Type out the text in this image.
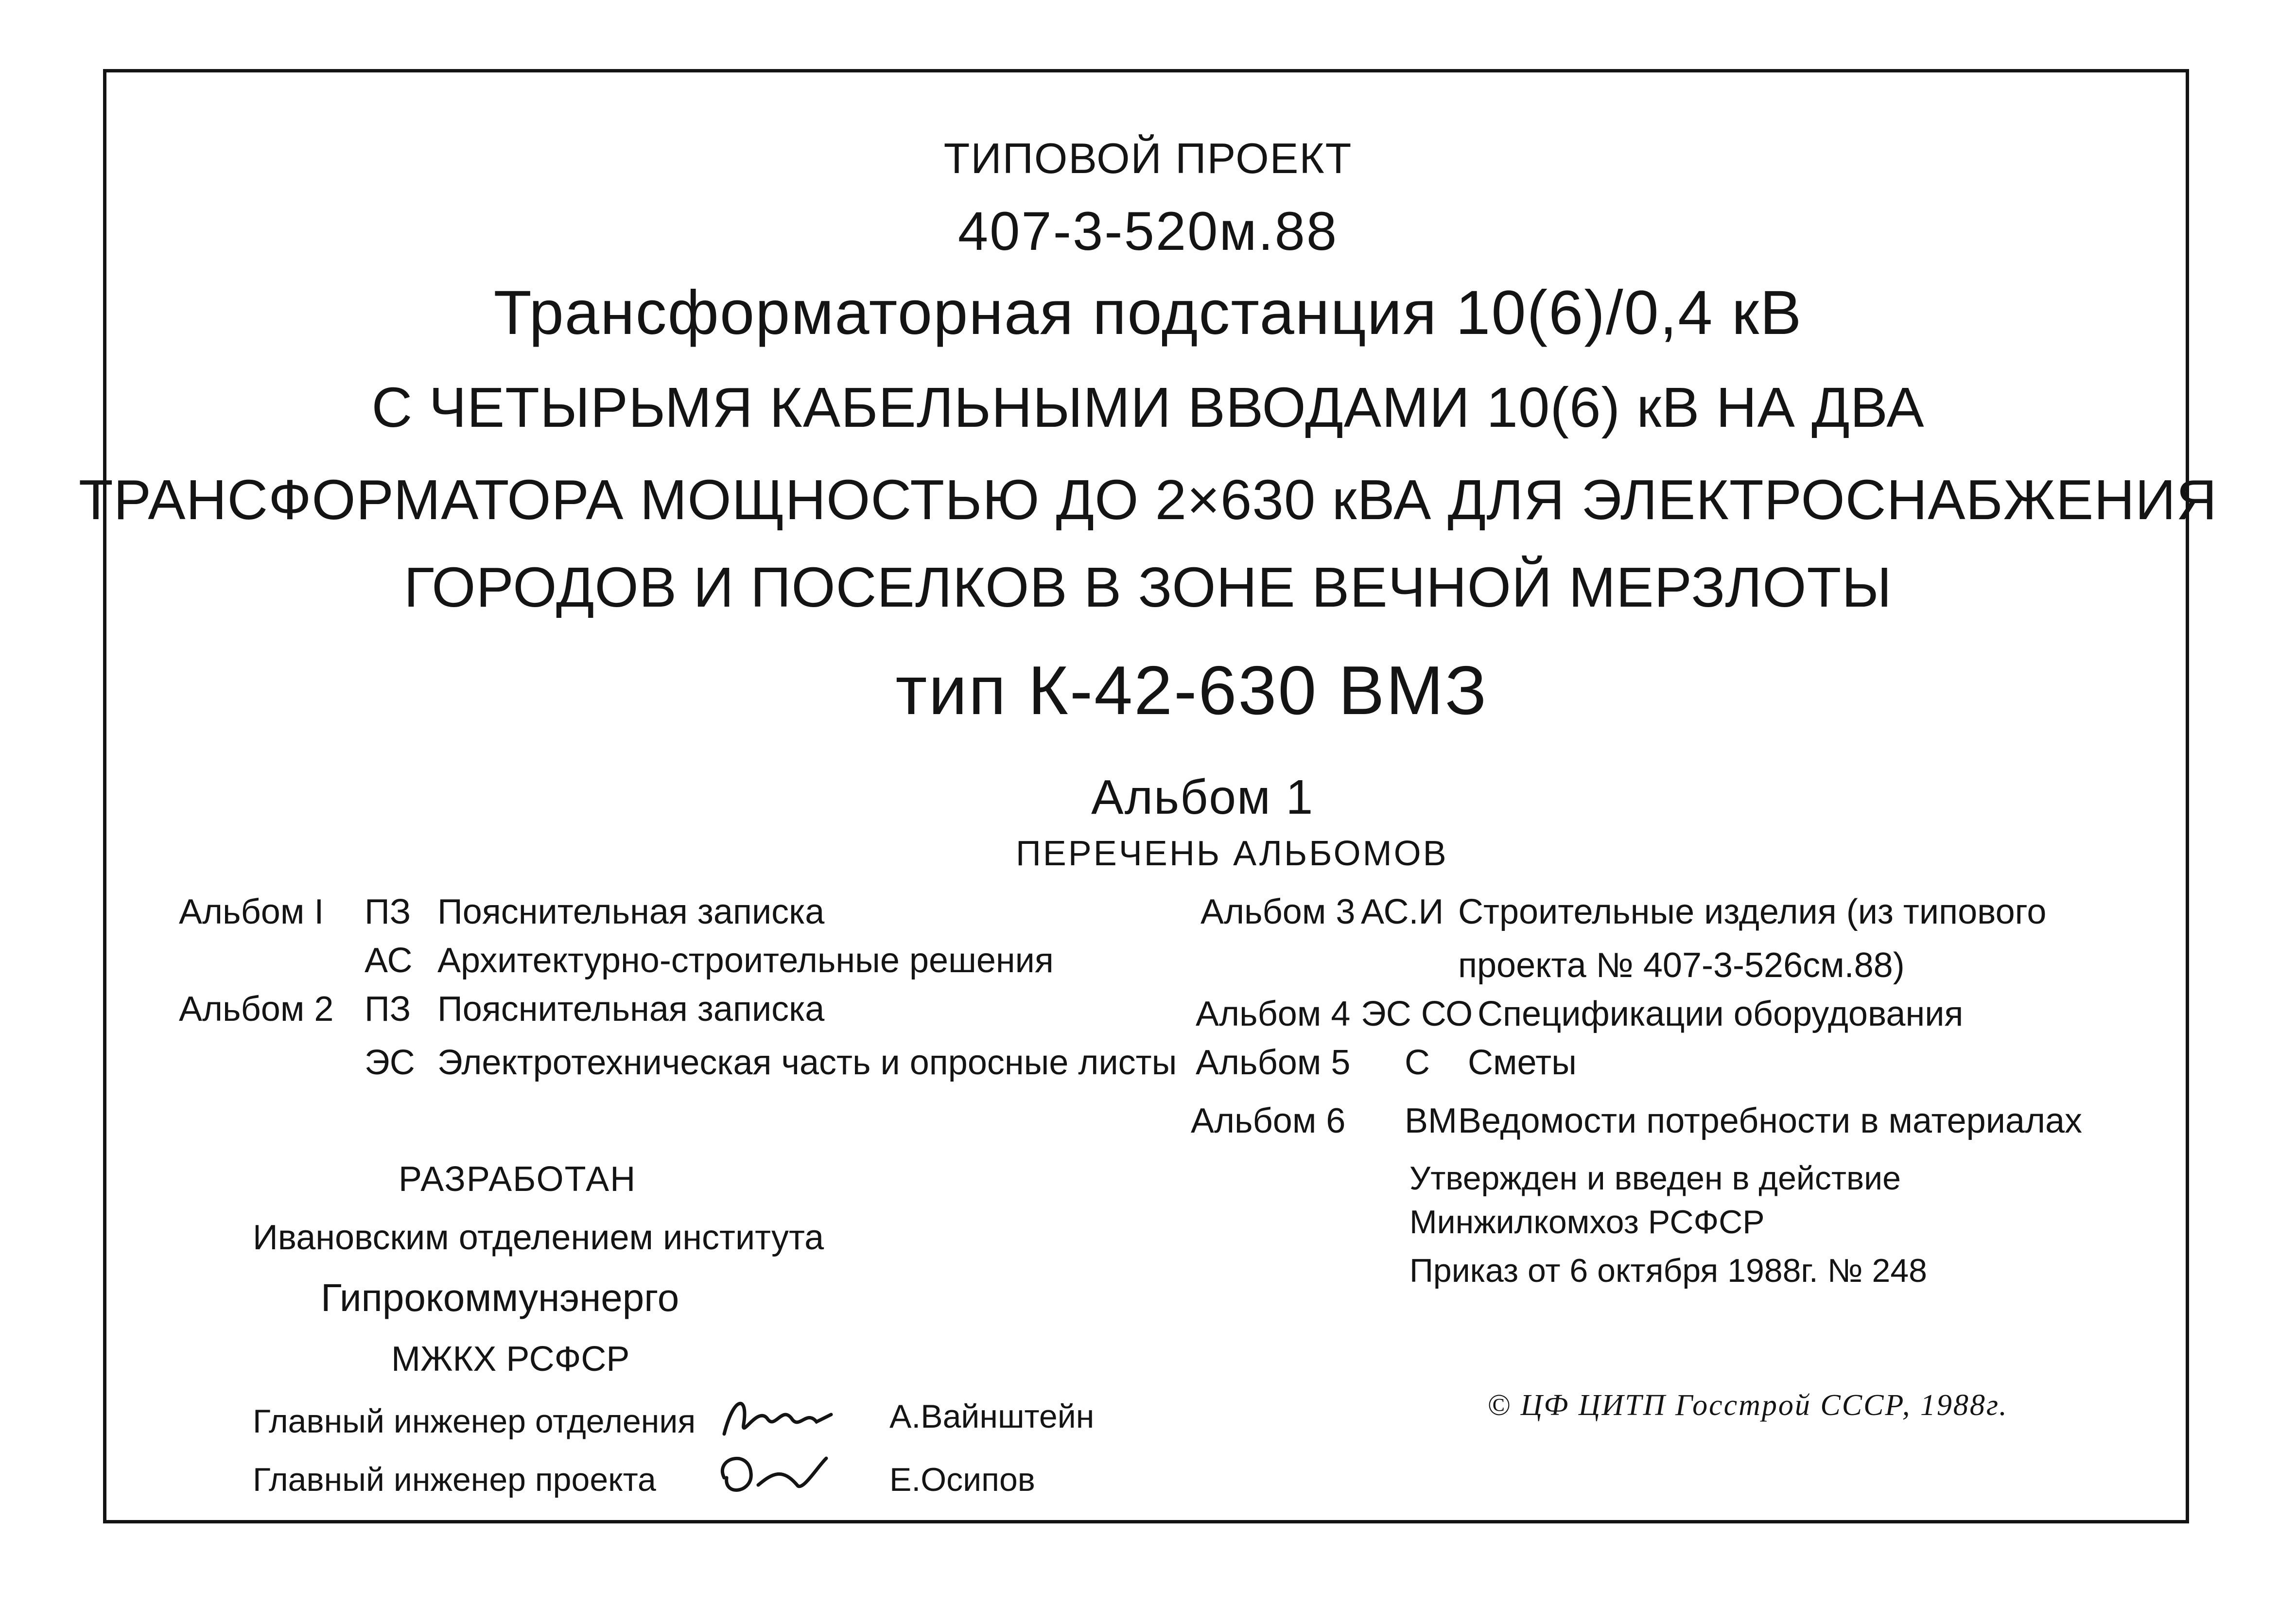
ТИПОВОЙ ПРОЕКТ
407-3-520м.88
Трансформаторная подстанция 10(6)/0,4 кВ
С ЧЕТЫРЬМЯ КАБЕЛЬНЫМИ ВВОДАМИ 10(6) кВ НА ДВА
ТРАНСФОРМАТОРА МОЩНОСТЬЮ ДО 2×630 кВА ДЛЯ ЭЛЕКТРОСНАБЖЕНИЯ
ГОРОДОВ И ПОСЕЛКОВ В ЗОНЕ ВЕЧНОЙ МЕРЗЛОТЫ
тип К-42-630 ВМЗ
Альбом 1
ПЕРЕЧЕНЬ АЛЬБОМОВ
Альбом I ПЗ Пояснительная записка
АС Архитектурно-строительные решения
Альбом 2 ПЗ Пояснительная записка
ЭС Электротехническая часть и опросные листы
Альбом 3 АС.И Строительные изделия (из типового
проекта № 407-3-526см.88)
Альбом 4 ЭС СО Спецификации оборудования
Альбом 5 С Сметы
Альбом 6 ВМ Ведомости потребности в материалах
РАЗРАБОТАН
Ивановским отделением института
Гипрокоммунэнерго
МЖКХ РСФСР
Утвержден и введен в действие
Минжилкомхоз РСФСР
Приказ от 6 октября 1988г. № 248
Главный инженер отделения	А.Вайнштейн
Главный инженер проекта	Е.Осипов
© ЦФ ЦИТП Госстрой СССР, 1988г.
